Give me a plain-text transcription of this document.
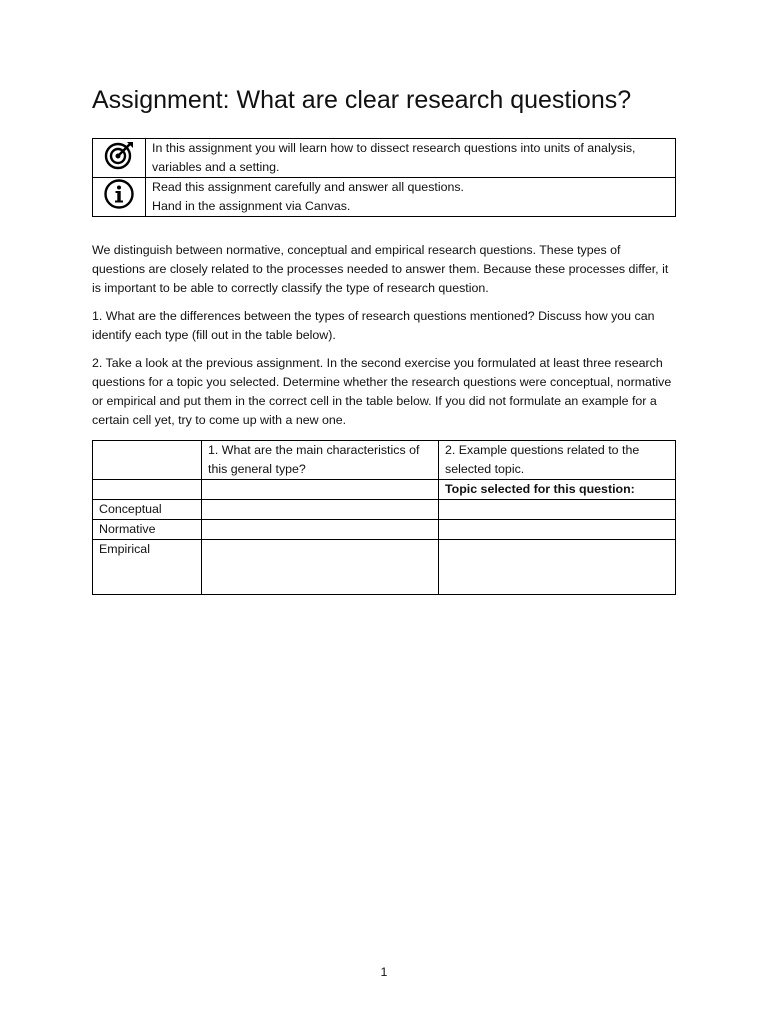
Assignment: What are clear research questions?
	In this assignment you will learn how to dissect research questions into units of analysis, variables and a setting.

Read this assignment carefully and answer all questions.
Hand in the assignment via Canvas.

We distinguish between normative, conceptual and empirical research questions. These types of questions are closely related to the processes needed to answer them. Because these processes differ, it is important to be able to correctly classify the type of research question.

1. What are the differences between the types of research questions mentioned? Discuss how you can identify each type (fill out in the table below).

2. Take a look at the previous assignment. In the second exercise you formulated at least three research questions for a topic you selected. Determine whether the research questions were conceptual, normative or empirical and put them in the correct cell in the table below. If you did not formulate an example for a certain cell yet, try to come up with a new one.

	1. What are the main characteristics of this general type?	2. Example questions related to the selected topic.
		Topic selected for this question:
Conceptual		
Normative		
Empirical		
1
